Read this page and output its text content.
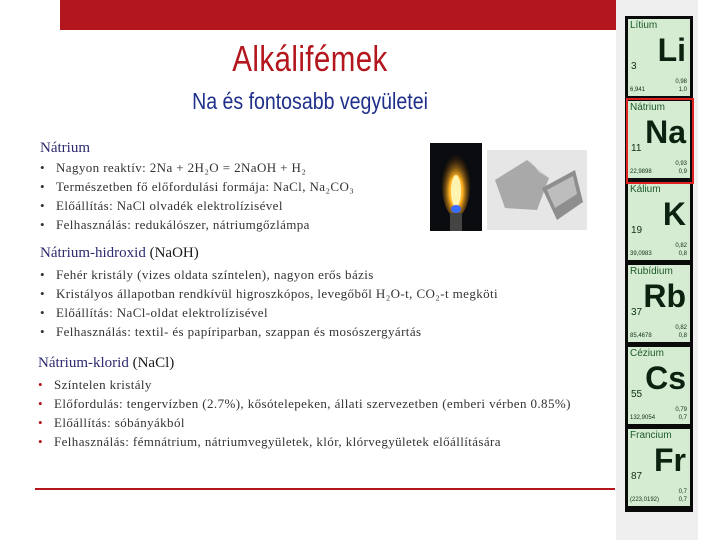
Alkálifémek
Na és fontosabb vegyületei
Nátrium
• Nagyon reaktív: 2Na + 2H₂O = 2NaOH + H₂
• Természetben fő előfordulási formája: NaCl, Na₂CO₃
• Előállítás: NaCl olvadék elektrolízisével
• Felhasználás: redukálószer, nátriumgőzlámpa
Nátrium-hidroxid (NaOH)
• Fehér kristály (vizes oldata színtelen), nagyon erős bázis
• Kristályos állapotban rendkívül higroszkópos, levegőből H₂O-t, CO₂-t megköti
• Előállítás: NaCl-oldat elektrolízisével
• Felhasználás: textil- és papíriparban, szappan és mosószergyártás
Nátrium-klorid (NaCl)
• Színtelen kristály
• Előfordulás: tengervízben (2.7%), kősótelepeken, állati szervezetben (emberi vérben 0.85%)
• Előállítás: sóbányákból
• Felhasználás: fémnátrium, nátriumvegyületek, klór, klórvegyületek előállítására
Lítium
Li
3
0,98
6,941	1,0
Nátrium
Na
11
0,93
22,9898	0,9
Kálium
K
19
0,82
39,0983	0,8
Rubídium
Rb
37
0,82
85,4678	0,8
Cézium
Cs
55
0,79
132,9054	0,7
Francium
Fr
87
0,7
(223,0192)	0,7
